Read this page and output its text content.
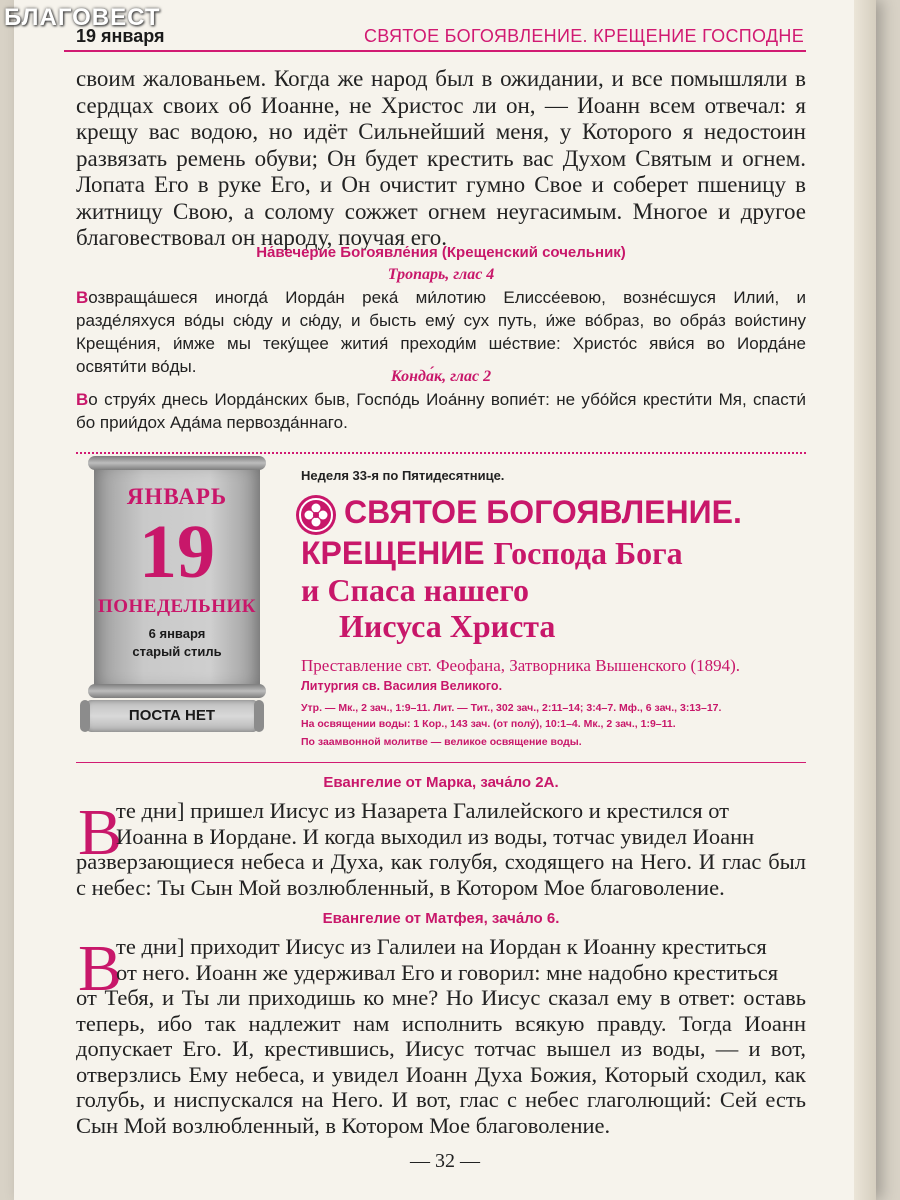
БЛАГОВЕСТ
19 января	СВЯТОЕ БОГОЯВЛЕНИЕ. КРЕЩЕНИЕ ГОСПОДНЕ
своим жалованьем. Когда же народ был в ожидании, и все помышляли в сердцах своих об Иоанне, не Христос ли он, — Иоанн всем отвечал: я крещу вас водою, но идёт Сильнейший меня, у Которого я недостоин развязать ремень обуви; Он будет крестить вас Духом Святым и огнем. Лопата Его в руке Его, и Он очистит гумно Свое и соберет пшеницу в житницу Свою, а солому сожжет огнем неугасимым. Многое и другое благовествовал он народу, поучая его.
На́вечерие Богоявле́ния (Крещенский сочельник)
Тропарь, глас 4
Возвраща́шеся иногда́ Иорда́н река́ ми́лотию Елиссе́евою, возне́сшуся Илии́, и разде́ляхуся во́ды сю́ду и сю́ду, и бысть ему́ сух путь, и́же во́брaз, во обра́з вои́стину Креще́ния, и́мже мы теку́щее жития́ преходи́м ше́ствие: Христо́с яви́ся во Иорда́не освяти́ти во́ды.
Конда́к, глас 2
Во струя́х днесь Иорда́нских быв, Госпо́дь Иоа́нну вопие́т: не убо́йся крести́ти Мя, спасти́ бо прии́дох Ада́ма первозда́ннаго.
ЯНВАРЬ
19
ПОНЕДЕЛЬНИК
6 января
старый стиль
ПОСТА НЕТ
Неделя 33-я по Пятидесятнице.
СВЯТОЕ БОГОЯВЛЕНИЕ.
КРЕЩЕНИЕ Господа Бога
и Спаса нашего
Иисуса Христа
Преставление свт. Феофана, Затворника Вышенского (1894).
Литургия св. Василия Великого.
Утр. — Мк., 2 зач., 1:9–11. Лит. — Тит., 302 зач., 2:11–14; 3:4–7. Мф., 6 зач., 3:13–17.
На освящении воды: 1 Кор., 143 зач. (от полу́), 10:1–4. Мк., 2 зач., 1:9–11.
По заамвонной молитве — великое освящение воды.
Евангелие от Марка, зача́ло 2А.
В
те дни] пришел Иисус из Назарета Галилейского и крестился от
Иоанна в Иордане. И когда выходил из воды, тотчас увидел Иоанн
разверзающиеся небеса и Духа, как голубя, сходящего на Него. И глас был с небес: Ты Сын Мой возлюбленный, в Котором Мое благоволение.
Евангелие от Матфея, зача́ло 6.
В
те дни] приходит Иисус из Галилеи на Иордан к Иоанну креститься
от него. Иоанн же удерживал Его и говорил: мне надобно креститься
от Тебя, и Ты ли приходишь ко мне? Но Иисус сказал ему в ответ: оставь теперь, ибо так надлежит нам исполнить всякую правду. Тогда Иоанн допускает Его. И, крестившись, Иисус тотчас вышел из воды, — и вот, отверзлись Ему небеса, и увидел Иоанн Духа Божия, Который сходил, как голубь, и ниспускался на Него. И вот, глас с небес глаголющий: Сей есть Сын Мой возлюбленный, в Котором Мое благоволение.
— 32 —
